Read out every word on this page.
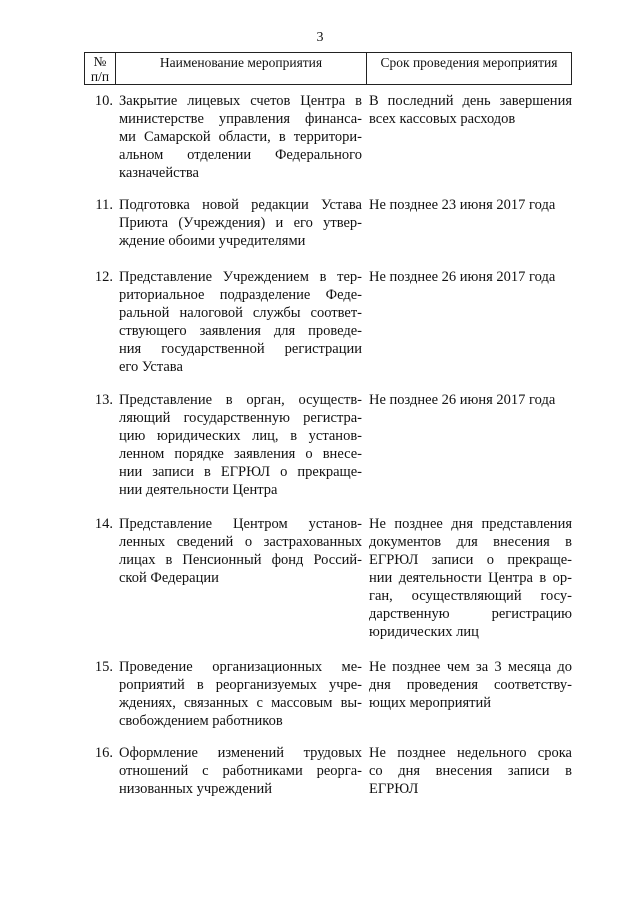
3
№
п/п
Наименование мероприятия	Срок проведения мероприятия
10. Закрытие лицевых счетов Центра в
министерстве управления финанса-
ми Самарской области, в территори-
альном отделении Федерального
казначейства
В последний день завершения
всех кассовых расходов
11. Подготовка новой редакции Устава
Приюта (Учреждения) и его утвер-
ждение обоими учредителями
Не позднее 23 июня 2017 года
12. Представление Учреждением в тер-
риториальное подразделение Феде-
ральной налоговой службы соответ-
ствующего заявления для проведе-
ния государственной регистрации
его Устава
Не позднее 26 июня 2017 года
13. Представление в орган, осуществ-
ляющий государственную регистра-
цию юридических лиц, в установ-
ленном порядке заявления о внесе-
нии записи в ЕГРЮЛ о прекраще-
нии деятельности Центра
Не позднее 26 июня 2017 года
14. Представление Центром установ-
ленных сведений о застрахованных
лицах в Пенсионный фонд Россий-
ской Федерации
Не позднее дня представления
документов для внесения в
ЕГРЮЛ записи о прекраще-
нии деятельности Центра в ор-
ган, осуществляющий госу-
дарственную регистрацию
юридических лиц
15. Проведение организационных ме-
роприятий в реорганизуемых учре-
ждениях, связанных с массовым вы-
свобождением работников
Не позднее чем за 3 месяца до
дня проведения соответству-
ющих мероприятий
16. Оформление изменений трудовых
отношений с работниками реорга-
низованных учреждений
Не позднее недельного срока
со дня внесения записи в
ЕГРЮЛ
